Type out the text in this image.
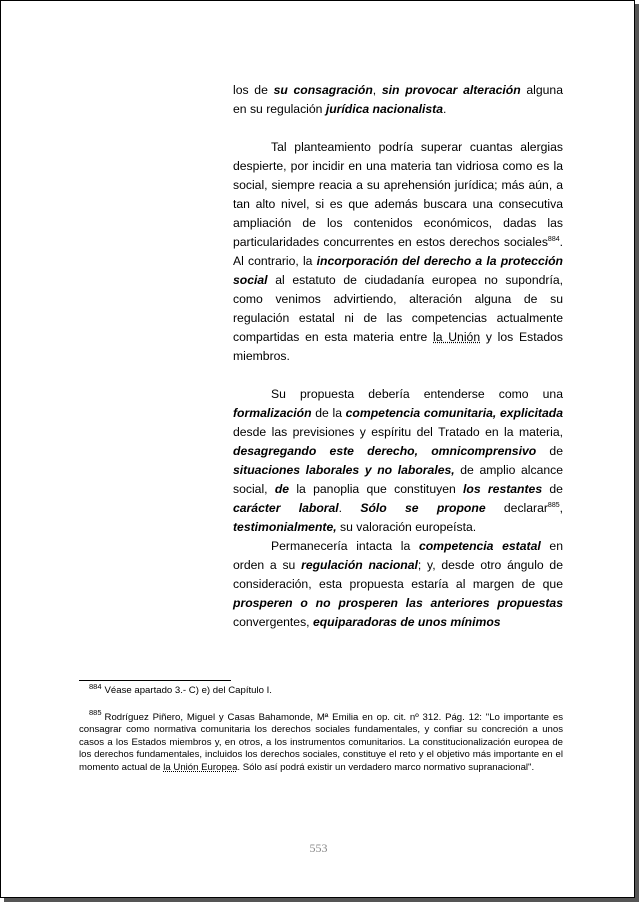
los de su consagración, sin provocar alteración alguna en su regulación jurídica nacionalista.

Tal planteamiento podría superar cuantas alergias despierte, por incidir en una materia tan vidriosa como es la social, siempre reacia a su aprehensión jurídica; más aún, a tan alto nivel, si es que además buscara una consecutiva ampliación de los contenidos económicos, dadas las particularidades concurrentes en estos derechos sociales$^{884}$. Al contrario, la incorporación del derecho a la protección social al estatuto de ciudadanía europea no supondría, como venimos advirtiendo, alteración alguna de su regulación estatal ni de las competencias actualmente compartidas en esta materia entre la Unión y los Estados miembros.

Su propuesta debería entenderse como una formalización de la competencia comunitaria, explicitada desde las previsiones y espíritu del Tratado en la materia, desagregando este derecho, omnicomprensivo de situaciones laborales y no laborales, de amplio alcance social, de la panoplia que constituyen los restantes de carácter laboral. Sólo se propone declarar$^{885}$, testimonialmente, su valoración europeísta.

Permanecería intacta la competencia estatal en orden a su regulación nacional; y, desde otro ángulo de consideración, esta propuesta estaría al margen de que prosperen o no prosperen las anteriores propuestas convergentes, equiparadoras de unos mínimos

$^{884}$ Véase apartado 3.- C) e) del Capítulo I.

$^{885}$ Rodríguez Piñero, Miguel y Casas Bahamonde, Mª Emilia en op. cit. nº 312. Pág. 12: "Lo importante es consagrar como normativa comunitaria los derechos sociales fundamentales, y confiar su concreción a unos casos a los Estados miembros y, en otros, a los instrumentos comunitarios. La constitucionalización europea de los derechos fundamentales, incluidos los derechos sociales, constituye el reto y el objetivo más importante en el momento actual de la Unión Europea. Sólo así podrá existir un verdadero marco normativo supranacional".

553
